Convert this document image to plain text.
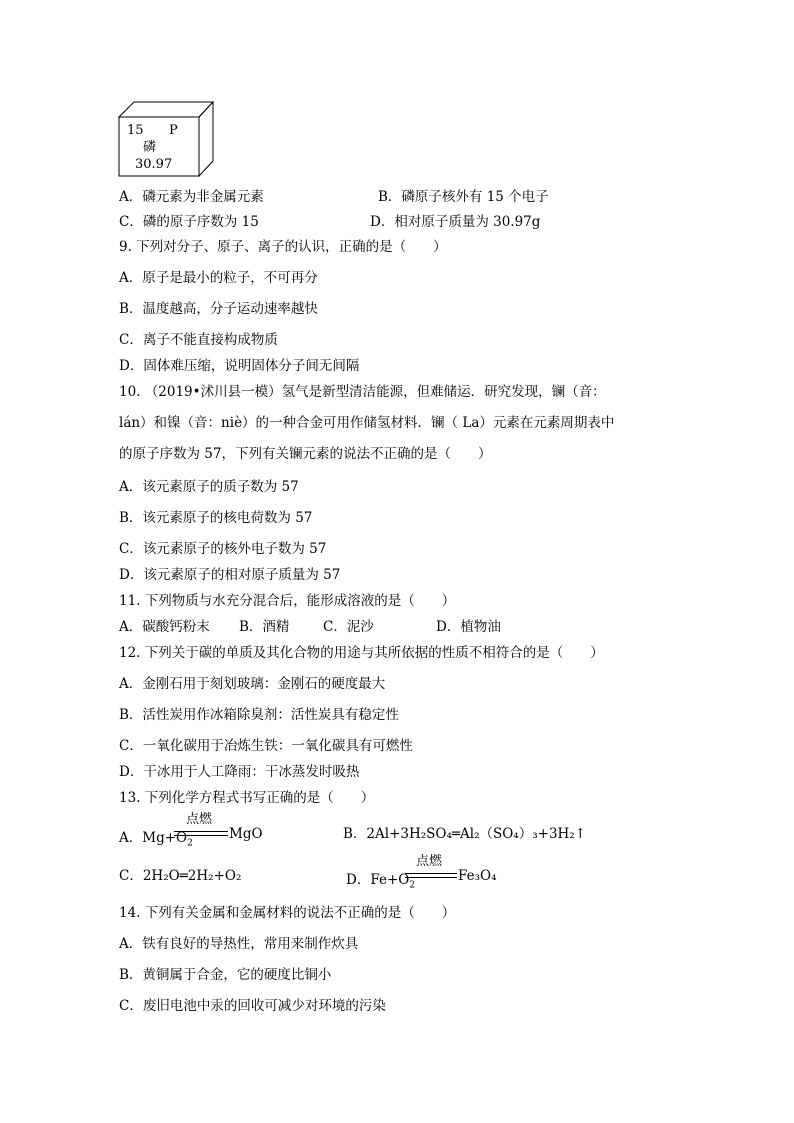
15 P
磷
30.97
A．磷元素为非金属元素	B．磷原子核外有 15 个电子
C．磷的原子序数为 15	D．相对原子质量为 30.97g
9. 下列对分子、原子、离子的认识，正确的是（　　）
A．原子是最小的粒子，不可再分
B．温度越高，分子运动速率越快
C．离子不能直接构成物质
D．固体难压缩，说明固体分子间无间隔
10. （2019•沭川县一模）氢气是新型清洁能源，但难储运．研究发现，镧（音：
lán）和镍（音：niè）的一种合金可用作储氢材料．镧（ La）元素在元素周期表中
的原子序数为 57，下列有关镧元素的说法不正确的是（　　）
A．该元素原子的质子数为 57
B．该元素原子的核电荷数为 57
C．该元素原子的核外电子数为 57
D．该元素原子的相对原子质量为 57
11. 下列物质与水充分混合后，能形成溶液的是（　　）
A．碳酸钙粉末 B．酒精 C．泥沙	D．植物油
12. 下列关于碳的单质及其化合物的用途与其所依据的性质不相符合的是（　　）
A．金刚石用于刻划玻璃：金刚石的硬度最大
B．活性炭用作冰箱除臭剂：活性炭具有稳定性
C．一氧化碳用于冶炼生铁：一氧化碳具有可燃性
D．干冰用于人工降雨：干冰蒸发时吸热
13. 下列化学方程式书写正确的是（　　）
A．$Mg+O_2$
点燃
MgO	B．2Al+3H₂SO₄═Al₂（SO₄）₃+3H₂↑
C．2H₂O═2H₂+O₂	D．$Fe+O_2$
点燃
Fe₃O₄
14. 下列有关金属和金属材料的说法不正确的是（　　）
A．铁有良好的导热性，常用来制作炊具
B．黄铜属于合金，它的硬度比铜小
C．废旧电池中汞的回收可减少对环境的污染
